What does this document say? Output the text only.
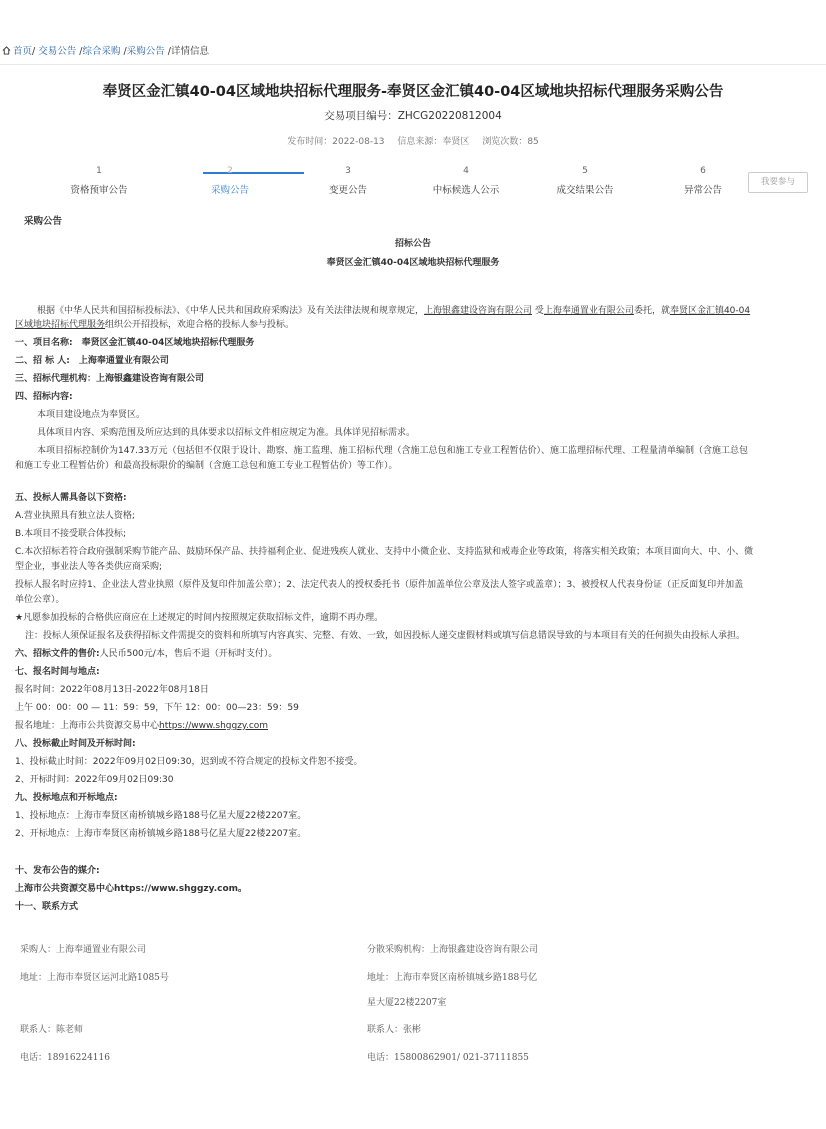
首页/ 交易公告 /综合采购 /采购公告 /详情信息
奉贤区金汇镇40-04区域地块招标代理服务-奉贤区金汇镇40-04区域地块招标代理服务采购公告
交易项目编号：ZHCG20220812004
发布时间：2022-08-13 信息来源：奉贤区 浏览次数：85
1
资格预审公告
2
采购公告
3
变更公告
4
中标候选人公示
5
成交结果公告
6
异常公告
我要参与
采购公告
招标公告
奉贤区金汇镇40-04区域地块招标代理服务
根据《中华人民共和国招标投标法》、《中华人民共和国政府采购法》及有关法律法规和规章规定，上海银鑫建设咨询有限公司 受上海奉通置业有限公司委托，就奉贤区金汇镇40-04
区域地块招标代理服务组织公开招投标，欢迎合格的投标人参与投标。
一、项目名称:　奉贤区金汇镇40-04区域地块招标代理服务
二、招 标 人:　上海奉通置业有限公司
三、招标代理机构：上海银鑫建设咨询有限公司
四、招标内容:
本项目建设地点为奉贤区。
具体项目内容、采购范围及所应达到的具体要求以招标文件相应规定为准。具体详见招标需求。
本项目招标控制价为147.33万元（包括但不仅限于设计、勘察、施工监理、施工招标代理（含施工总包和施工专业工程暂估价）、施工监理招标代理、工程量清单编制（含施工总包
和施工专业工程暂估价）和最高投标限价的编制（含施工总包和施工专业工程暂估价）等工作）。
五、投标人需具备以下资格:
A.营业执照具有独立法人资格;
B.本项目不接受联合体投标;
C.本次招标若符合政府强制采购节能产品、鼓励环保产品、扶持福利企业、促进残疾人就业、支持中小微企业、支持监狱和戒毒企业等政策，将落实相关政策；本项目面向大、中、小、微
型企业，事业法人等各类供应商采购;
投标人报名时应持1、企业法人营业执照（原件及复印件加盖公章）；2、法定代表人的授权委托书（原件加盖单位公章及法人签字或盖章）；3、被授权人代表身份证（正反面复印并加盖
单位公章）。
★凡愿参加投标的合格供应商应在上述规定的时间内按照规定获取招标文件，逾期不再办理。
注：投标人须保证报名及获得招标文件需提交的资料和所填写内容真实、完整、有效、一致，如因投标人递交虚假材料或填写信息错误导致的与本项目有关的任何损失由投标人承担。
六、招标文件的售价:人民币500元/本，售后不退（开标时支付）。
七、报名时间与地点:
报名时间：2022年08月13日-2022年08月18日
上午 00：00：00 — 11：59：59，下午 12：00：00—23：59：59
报名地址：上海市公共资源交易中心https://www.shggzy.com
八、投标截止时间及开标时间:
1、投标截止时间：2022年09月02日09:30，迟到或不符合规定的投标文件恕不接受。
2、开标时间：2022年09月02日09:30
九、投标地点和开标地点:
1、投标地点：上海市奉贤区南桥镇城乡路188号亿星大厦22楼2207室。
2、开标地点：上海市奉贤区南桥镇城乡路188号亿星大厦22楼2207室。
十、发布公告的媒介:
上海市公共资源交易中心https://www.shggzy.com。
十一、联系方式
采购人：上海奉通置业有限公司
地址：上海市奉贤区运河北路1085号
联系人：陈老师
电话：18916224116
分散采购机构：上海银鑫建设咨询有限公司
地址：上海市奉贤区南桥镇城乡路188号亿
星大厦22楼2207室
联系人：张彬
电话：15800862901/ 021-37111855
